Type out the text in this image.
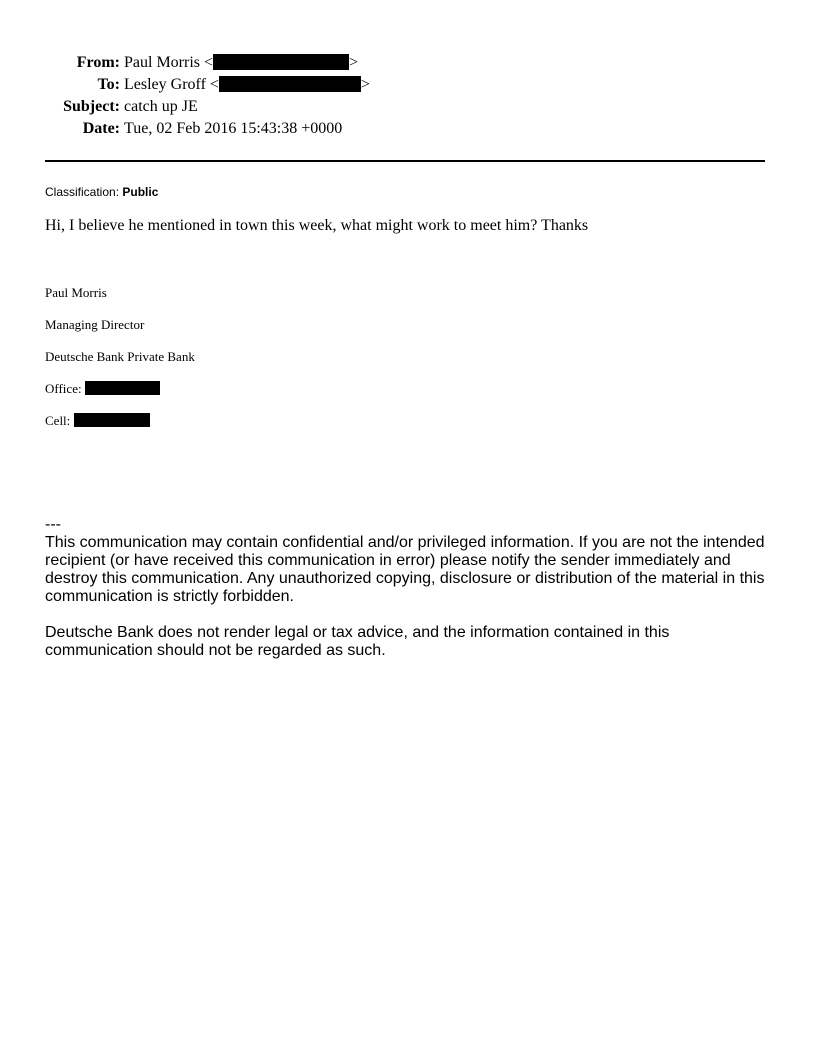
From: Paul Morris <	>
To: Lesley Groff <	>
Subject: catch up JE
Date: Tue, 02 Feb 2016 15:43:38 +0000
Classification: Public
Hi, I believe he mentioned in town this week, what might work to meet him? Thanks
Paul Morris
Managing Director
Deutsche Bank Private Bank
Office:
Cell:

---

This communication may contain confidential and/or privileged information. If you are not the intended recipient (or have received this communication in error) please notify the sender immediately and destroy this communication. Any unauthorized copying, disclosure or distribution of the material in this communication is strictly forbidden.

Deutsche Bank does not render legal or tax advice, and the information contained in this communication should not be regarded as such.
